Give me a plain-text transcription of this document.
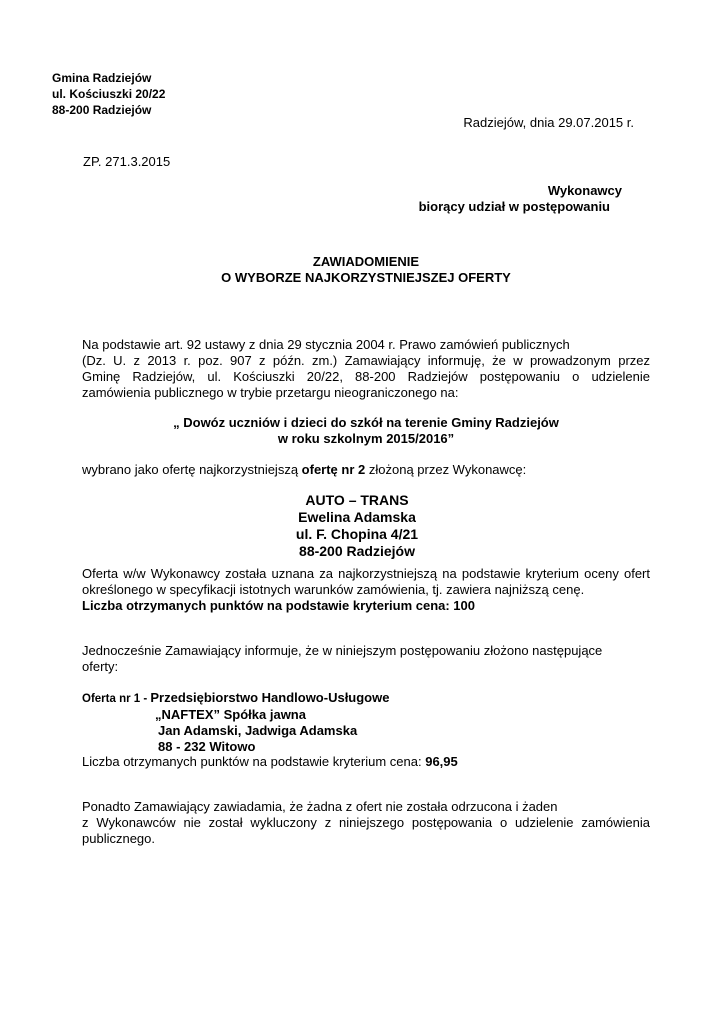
Gmina Radziejów
ul. Kościuszki 20/22
88-200 Radziejów
Radziejów, dnia 29.07.2015 r.
ZP. 271.3.2015
Wykonawcy
biorący udział w postępowaniu
ZAWIADOMIENIE
O WYBORZE NAJKORZYSTNIEJSZEJ OFERTY
Na podstawie art. 92 ustawy z dnia 29 stycznia 2004 r. Prawo zamówień publicznych
(Dz. U. z 2013 r. poz. 907 z późn. zm.) Zamawiający informuję, że w prowadzonym przez
Gminę Radziejów, ul. Kościuszki 20/22, 88-200 Radziejów postępowaniu o udzielenie
zamówienia publicznego w trybie przetargu nieograniczonego na:
„ Dowóz uczniów i dzieci do szkół na terenie Gminy Radziejów
w roku szkolnym 2015/2016”
wybrano jako ofertę najkorzystniejszą ofertę nr 2 złożoną przez Wykonawcę:
AUTO – TRANS
Ewelina Adamska
ul. F. Chopina 4/21
88-200 Radziejów
Oferta w/w Wykonawcy została uznana za najkorzystniejszą na podstawie kryterium oceny ofert
określonego w specyfikacji istotnych warunków zamówienia, tj. zawiera najniższą cenę.
Liczba otrzymanych punktów na podstawie kryterium cena: 100
Jednocześnie Zamawiający informuje, że w niniejszym postępowaniu złożono następujące
oferty:
Oferta nr 1 - Przedsiębiorstwo Handlowo-Usługowe
„NAFTEX” Spółka jawna
Jan Adamski, Jadwiga Adamska
88 - 232 Witowo
Liczba otrzymanych punktów na podstawie kryterium cena: 96,95
Ponadto Zamawiający zawiadamia, że żadna z ofert nie została odrzucona i żaden
z Wykonawców nie został wykluczony z niniejszego postępowania o udzielenie zamówienia
publicznego.
